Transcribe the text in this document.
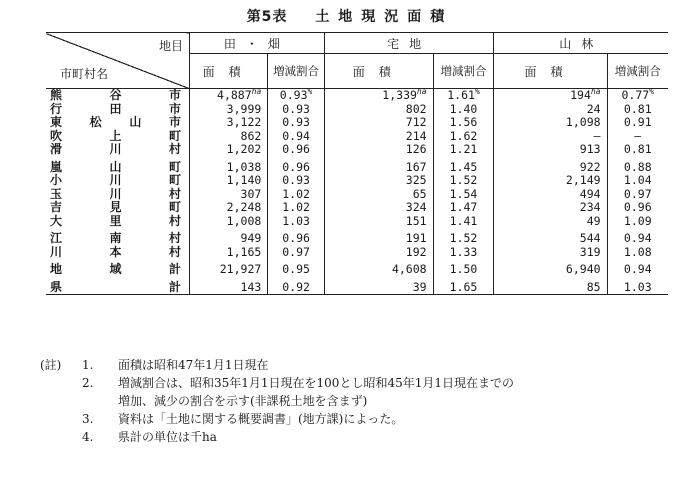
第5表 土地現況面積
地目
市町村名	田・畑		宅地		山林	
	面積	増減割合	面積	増減割合	面積	増減割合
熊谷市	4,887$^{ha}$	0.93%	1,339$^{ha}$	1.61%	$194^{ha}$	0.77%
行田市	3,999	0.93	802	1.40	24	0.81
東松山市	3,122	0.93	712	1.56	1,098	0.91
吹上町	862	0.94	214	1.62	—	—
滑川村	1,202	0.96	126	1.21	913	0.81
嵐山町	1,038	0.96	167	1.45	922	0.88
小川町	1,140	0.93	325	1.52	2,149	1.04
玉川村	307	1.02	65	1.54	494	0.97
吉見町	2,248	1.02	324	1.47	234	0.96
大里村	1,008	1.03	151	1.41	49	1.09
江南村	949	0.96	191	1.52	544	0.94
川本村	1,165	0.97	192	1.33	319	1.08
地域計	21,927	0.95	4,608	1.50	6,940	0.94
県計	143	0.92	39	1.65	85	1.03
(註)	1.	面積は昭和47年1月1日現在
2.	増減割合は、昭和35年1月1日現在を100とし昭和45年1月1日現在までの
増加、減少の割合を示す(非課税土地を含まず)
3.	資料は「土地に関する概要調書」(地方課)によった。
4.	県計の単位は千ha
